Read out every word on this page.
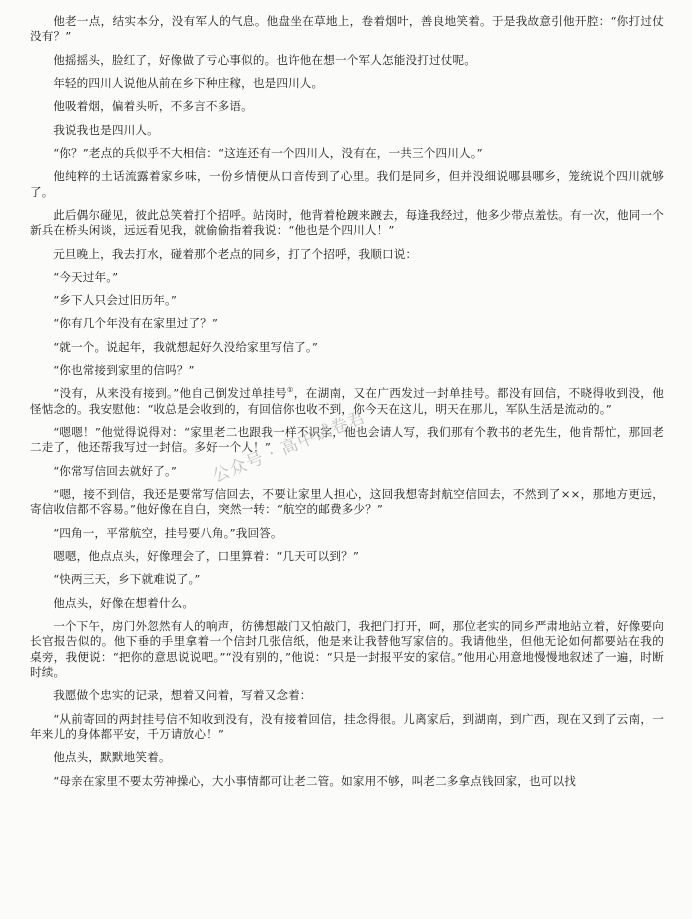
他老一点，结实本分，没有军人的气息。他盘坐在草地上，卷着烟叶，善良地笑着。于是我故意引他开腔：“你打过仗没有？”

他摇摇头，脸红了，好像做了亏心事似的。也许他在想一个军人怎能没打过仗呢。

年轻的四川人说他从前在乡下种庄稼，也是四川人。

他吸着烟，偏着头听，不多言不多语。

我说我也是四川人。

“你？”老点的兵似乎不大相信：“这连还有一个四川人，没有在，一共三个四川人。”

他纯粹的土话流露着家乡味，一份乡情便从口音传到了心里。我们是同乡，但并没细说哪县哪乡，笼统说个四川就够了。

此后偶尔碰见，彼此总笑着打个招呼。站岗时，他背着枪踱来踱去，每逢我经过，他多少带点羞怯。有一次，他同一个新兵在桥头闲谈，远远看见我，就偷偷指着我说：“他也是个四川人！”

元旦晚上，我去打水，碰着那个老点的同乡，打了个招呼，我顺口说：

“今天过年。”

“乡下人只会过旧历年。”

“你有几个年没有在家里过了？”

“就一个。说起年，我就想起好久没给家里写信了。”

“你也常接到家里的信吗？”

“没有，从来没有接到。”他自己倒发过单挂号①，在湖南，又在广西发过一封单挂号。都没有回信，不晓得收到没，他怪惦念的。我安慰他：“收总是会收到的，有回信你也收不到，你今天在这儿，明天在那儿，军队生活是流动的。”

“嗯嗯！”他觉得说得对：“家里老二也跟我一样不识字，他也会请人写，我们那有个教书的老先生，他肯帮忙，那回老二走了，他还帮我写过一封信。多好一个人！”

“你常写信回去就好了。”

“嗯，接不到信，我还是要常写信回去，不要让家里人担心，这回我想寄封航空信回去，不然到了××，那地方更远，寄信收信都不容易。”他好像在自白，突然一转：“航空的邮费多少？”

“四角一，平常航空，挂号要八角。”我回答。

嗯嗯，他点点头，好像理会了，口里算着：“几天可以到？”

“快两三天，乡下就难说了。”

他点头，好像在想着什么。

一个下午，房门外忽然有人的响声，彷彿想敲门又怕敲门，我把门打开，呵，那位老实的同乡严肃地站立着，好像要向长官报告似的。他下垂的手里拿着一个信封几张信纸，他是来让我替他写家信的。我请他坐，但他无论如何都要站在我的桌旁，我便说：“把你的意思说说吧。”“没有别的，”他说：“只是一封报平安的家信。”他用心用意地慢慢地叙述了一遍，时断时续。

我愿做个忠实的记录，想着又问着，写着又念着：

“从前寄回的两封挂号信不知收到没有，没有接着回信，挂念得很。儿离家后，到湖南，到广西，现在又到了云南，一年来儿的身体都平安，千万请放心！”

他点头，默默地笑着。

“母亲在家里不要太劳神操心，大小事情都可让老二管。如家用不够，叫老二多拿点钱回家，也可以找

公众号 · 高中试卷君
